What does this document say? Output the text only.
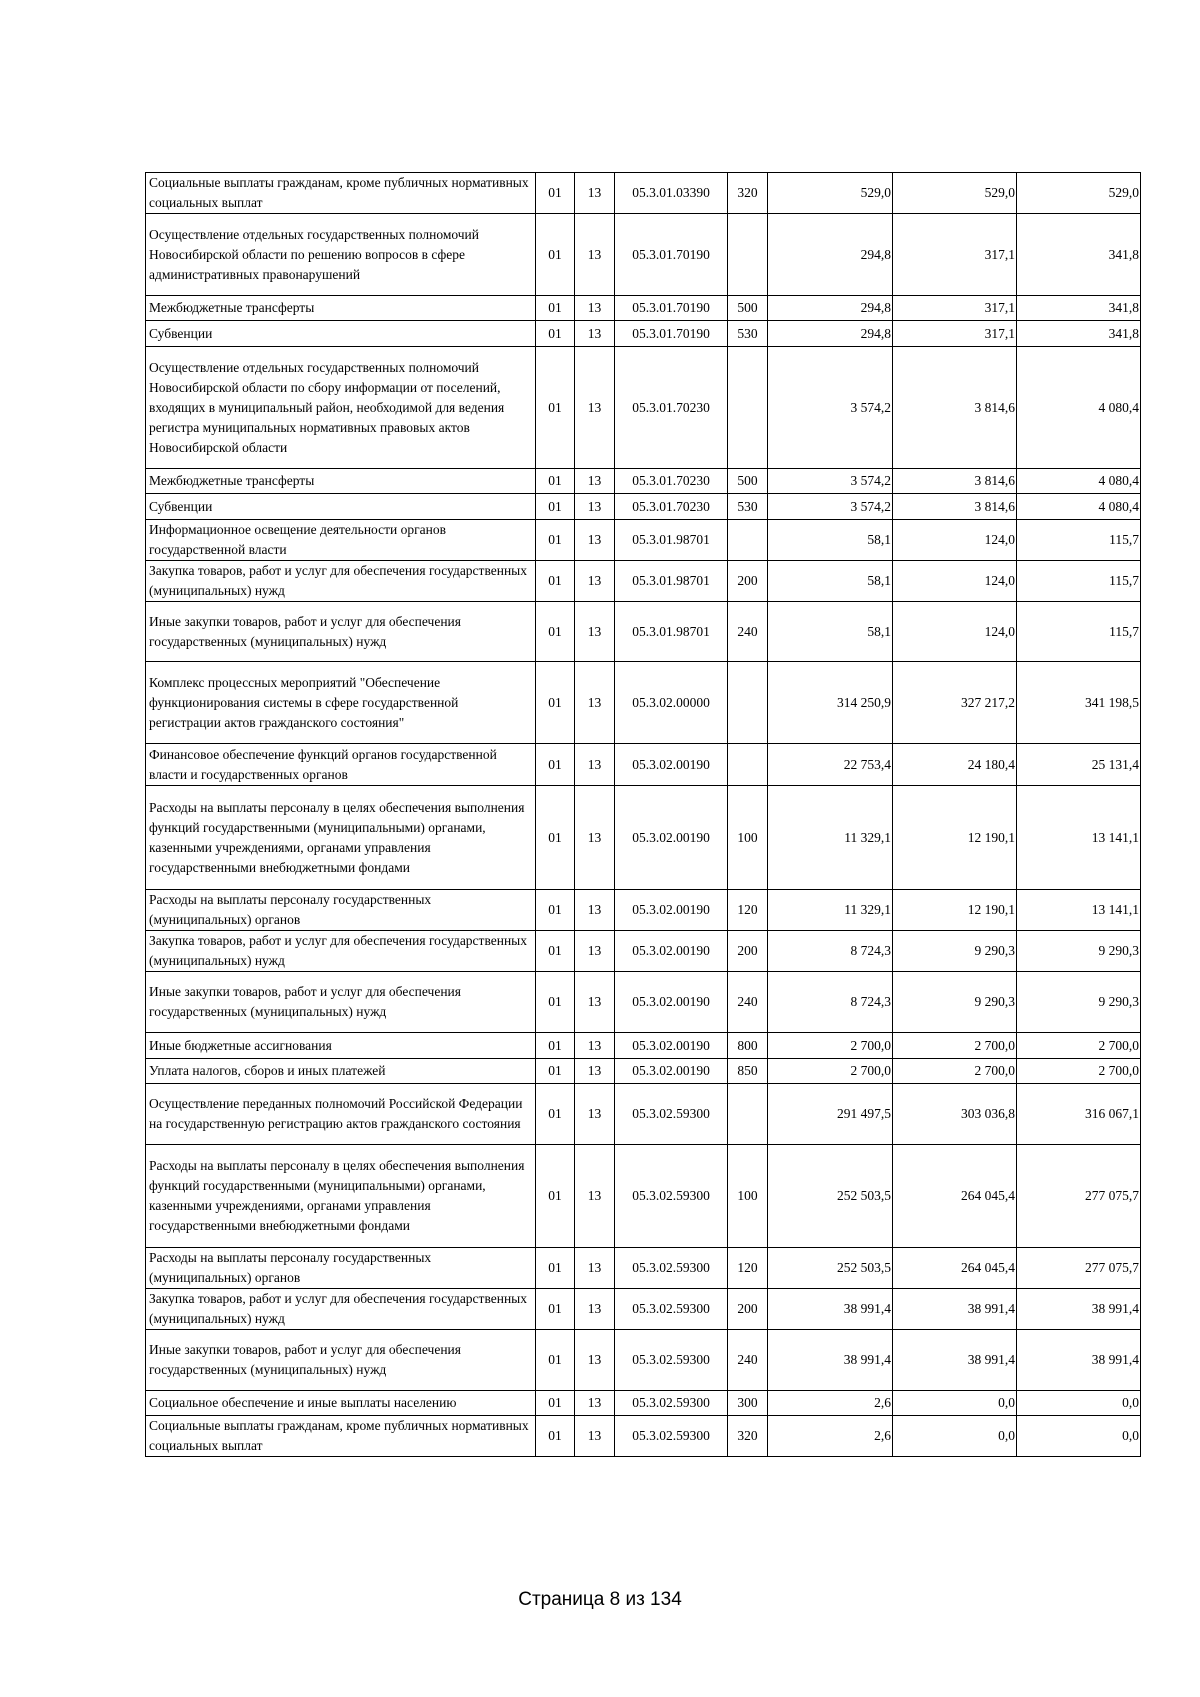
Социальные выплаты гражданам, кроме публичных нормативных социальных выплат	01	13	05.3.01.03390	320	529,0	529,0	529,0
Осуществление отдельных государственных полномочий Новосибирской области по решению вопросов в сфере административных правонарушений	01	13	05.3.01.70190		294,8	317,1	341,8
Межбюджетные трансферты	01	13	05.3.01.70190	500	294,8	317,1	341,8
Субвенции	01	13	05.3.01.70190	530	294,8	317,1	341,8
Осуществление отдельных государственных полномочий Новосибирской области по сбору информации от поселений, входящих в муниципальный район, необходимой для ведения регистра муниципальных нормативных правовых актов Новосибирской области	01	13	05.3.01.70230		3 574,2	3 814,6	4 080,4
Межбюджетные трансферты	01	13	05.3.01.70230	500	3 574,2	3 814,6	4 080,4
Субвенции	01	13	05.3.01.70230	530	3 574,2	3 814,6	4 080,4
Информационное освещение деятельности органов государственной власти	01	13	05.3.01.98701		58,1	124,0	115,7
Закупка товаров, работ и услуг для обеспечения государственных (муниципальных) нужд	01	13	05.3.01.98701	200	58,1	124,0	115,7
Иные закупки товаров, работ и услуг для обеспечения государственных (муниципальных) нужд	01	13	05.3.01.98701	240	58,1	124,0	115,7
Комплекс процессных мероприятий "Обеспечение функционирования системы в сфере государственной регистрации актов гражданского состояния"	01	13	05.3.02.00000		314 250,9	327 217,2	341 198,5
Финансовое обеспечение функций органов государственной власти и государственных органов	01	13	05.3.02.00190		22 753,4	24 180,4	25 131,4
Расходы на выплаты персоналу в целях обеспечения выполнения функций государственными (муниципальными) органами, казенными учреждениями, органами управления государственными внебюджетными фондами	01	13	05.3.02.00190	100	11 329,1	12 190,1	13 141,1
Расходы на выплаты персоналу государственных (муниципальных) органов	01	13	05.3.02.00190	120	11 329,1	12 190,1	13 141,1
Закупка товаров, работ и услуг для обеспечения государственных (муниципальных) нужд	01	13	05.3.02.00190	200	8 724,3	9 290,3	9 290,3
Иные закупки товаров, работ и услуг для обеспечения государственных (муниципальных) нужд	01	13	05.3.02.00190	240	8 724,3	9 290,3	9 290,3
Иные бюджетные ассигнования	01	13	05.3.02.00190	800	2 700,0	2 700,0	2 700,0
Уплата налогов, сборов и иных платежей	01	13	05.3.02.00190	850	2 700,0	2 700,0	2 700,0
Осуществление переданных полномочий Российской Федерации на государственную регистрацию актов гражданского состояния	01	13	05.3.02.59300		291 497,5	303 036,8	316 067,1
Расходы на выплаты персоналу в целях обеспечения выполнения функций государственными (муниципальными) органами, казенными учреждениями, органами управления государственными внебюджетными фондами	01	13	05.3.02.59300	100	252 503,5	264 045,4	277 075,7
Расходы на выплаты персоналу государственных (муниципальных) органов	01	13	05.3.02.59300	120	252 503,5	264 045,4	277 075,7
Закупка товаров, работ и услуг для обеспечения государственных (муниципальных) нужд	01	13	05.3.02.59300	200	38 991,4	38 991,4	38 991,4
Иные закупки товаров, работ и услуг для обеспечения государственных (муниципальных) нужд	01	13	05.3.02.59300	240	38 991,4	38 991,4	38 991,4
Социальное обеспечение и иные выплаты населению	01	13	05.3.02.59300	300	2,6	0,0	0,0
Социальные выплаты гражданам, кроме публичных нормативных социальных выплат	01	13	05.3.02.59300	320	2,6	0,0	0,0
Страница 8 из 134
